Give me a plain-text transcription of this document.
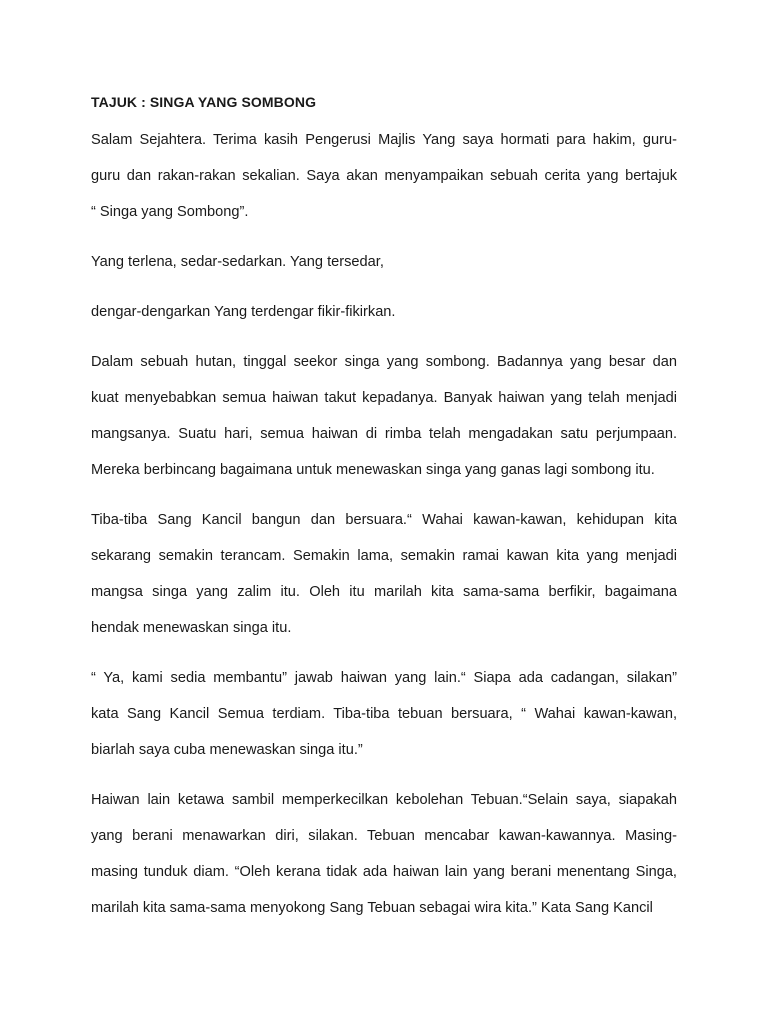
TAJUK : SINGA YANG SOMBONG
Salam Sejahtera. Terima kasih Pengerusi Majlis Yang saya hormati para hakim, guru-
guru dan rakan-rakan sekalian. Saya akan menyampaikan sebuah cerita yang bertajuk
“ Singa yang Sombong”.
Yang terlena, sedar-sedarkan. Yang tersedar,
dengar-dengarkan Yang terdengar fikir-fikirkan.
Dalam sebuah hutan, tinggal seekor singa yang sombong. Badannya yang besar dan
kuat menyebabkan semua haiwan takut kepadanya. Banyak haiwan yang telah menjadi
mangsanya. Suatu hari, semua haiwan di rimba telah mengadakan satu perjumpaan.
Mereka berbincang bagaimana untuk menewaskan singa yang ganas lagi sombong itu.
Tiba-tiba Sang Kancil bangun dan bersuara.“ Wahai kawan-kawan, kehidupan kita
sekarang semakin terancam. Semakin lama, semakin ramai kawan kita yang menjadi
mangsa singa yang zalim itu. Oleh itu marilah kita sama-sama berfikir, bagaimana
hendak menewaskan singa itu.
“ Ya, kami sedia membantu” jawab haiwan yang lain.“ Siapa ada cadangan, silakan”
kata Sang Kancil Semua terdiam. Tiba-tiba tebuan bersuara, “ Wahai kawan-kawan,
biarlah saya cuba menewaskan singa itu.”
Haiwan lain ketawa sambil memperkecilkan kebolehan Tebuan.“Selain saya, siapakah
yang berani menawarkan diri, silakan. Tebuan mencabar kawan-kawannya. Masing-
masing tunduk diam. “Oleh kerana tidak ada haiwan lain yang berani menentang Singa,
marilah kita sama-sama menyokong Sang Tebuan sebagai wira kita.” Kata Sang Kancil
